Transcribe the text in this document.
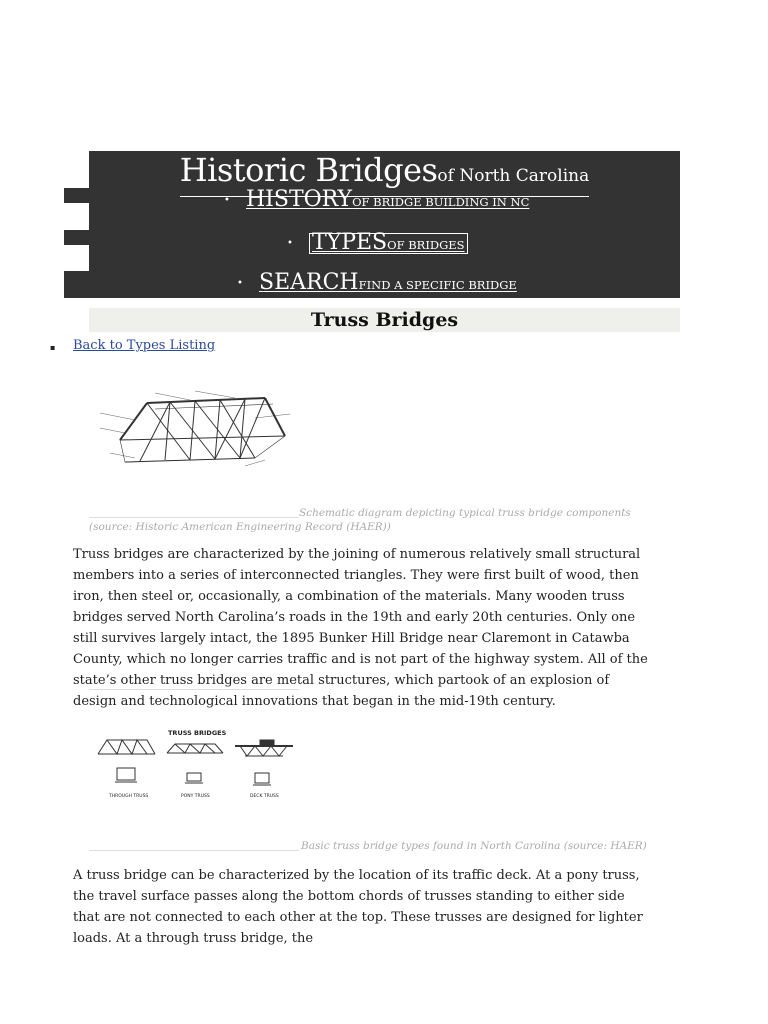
Historic Bridgesof North Carolina
• HISTORYOF BRIDGE BUILDING IN NC
• TYPESOF BRIDGES
• SEARCHFIND A SPECIFIC BRIDGE
Truss Bridges
▪ Back to Types Listing
Schematic diagram depicting typical truss bridge components (source: Historic American Engineering Record (HAER))
Truss bridges are characterized by the joining of numerous relatively small structural members into a series of interconnected triangles. They were first built of wood, then iron, then steel or, occasionally, a combination of the materials. Many wooden truss bridges served North Carolina’s roads in the 19th and early 20th centuries. Only one still survives largely intact, the 1895 Bunker Hill Bridge near Claremont in Catawba County, which no longer carries traffic and is not part of the highway system. All of the state’s other truss bridges are metal structures, which partook of an explosion of design and technological innovations that began in the mid-19th century.
TRUSS BRIDGES
THROUGH TRUSS	PONY TRUSS	DECK TRUSS
Basic truss bridge types found in North Carolina (source: HAER)
A truss bridge can be characterized by the location of its traffic deck. At a pony truss, the travel surface passes along the bottom chords of trusses standing to either side that are not connected to each other at the top. These trusses are designed for lighter loads. At a through truss bridge, the
